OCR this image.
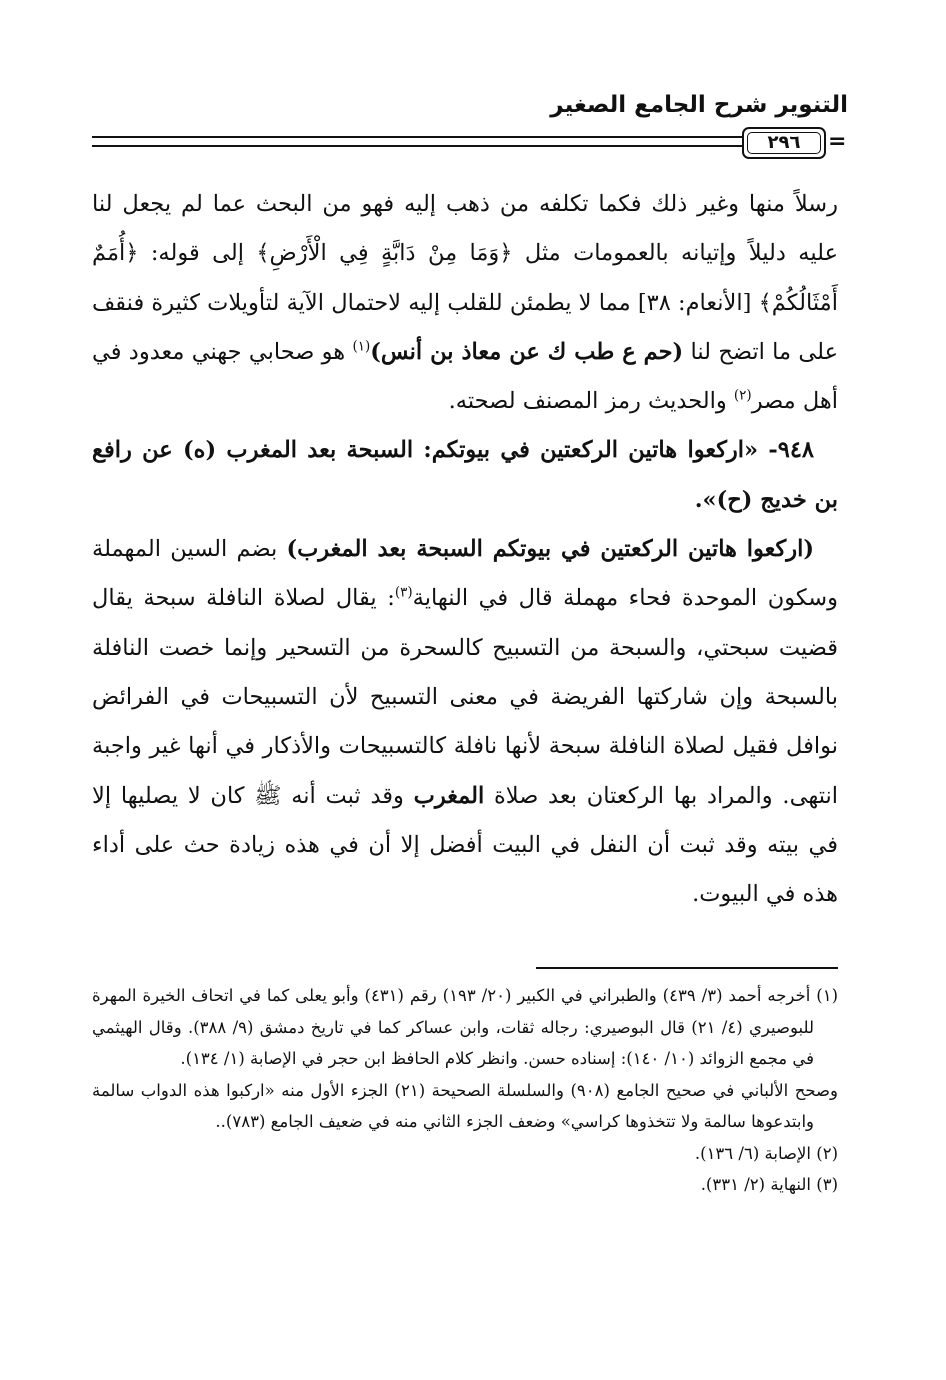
التنوير شرح الجامع الصغير
٢٩٦	=

رسلاً منها وغير ذلك فكما تكلفه من ذهب إليه فهو من البحث عما لم يجعل لنا عليه دليلاً وإتيانه بالعمومات مثل ﴿وَمَا مِنْ دَابَّةٍ فِي الْأَرْضِ﴾ إلى قوله: ﴿أُمَمٌ أَمْثَالُكُمْ﴾ [الأنعام: ٣٨] مما لا يطمئن للقلب إليه لاحتمال الآية لتأويلات كثيرة فنقف على ما اتضح لنا (حم ع طب ك عن معاذ بن أنس)$^{(١)}$ هو صحابي جهني معدود في أهل مصر$^{(٢)}$ والحديث رمز المصنف لصحته.

٩٤٨- «اركعوا هاتين الركعتين في بيوتكم: السبحة بعد المغرب (ه) عن رافع بن خديج (ح)».

(اركعوا هاتين الركعتين في بيوتكم السبحة بعد المغرب) بضم السين المهملة وسكون الموحدة فحاء مهملة قال في النهاية$^{(٣)}$: يقال لصلاة النافلة سبحة يقال قضيت سبحتي، والسبحة من التسبيح كالسحرة من التسحير وإنما خصت النافلة بالسبحة وإن شاركتها الفريضة في معنى التسبيح لأن التسبيحات في الفرائض نوافل فقيل لصلاة النافلة سبحة لأنها نافلة كالتسبيحات والأذكار في أنها غير واجبة انتهى. والمراد بها الركعتان بعد صلاة المغرب وقد ثبت أنه ﷺ كان لا يصليها إلا في بيته وقد ثبت أن النفل في البيت أفضل إلا أن في هذه زيادة حث على أداء هذه في البيوت.

(١) أخرجه أحمد (٣/ ٤٣٩) والطبراني في الكبير (٢٠/ ١٩٣) رقم (٤٣١) وأبو يعلى كما في اتحاف الخيرة المهرة للبوصيري (٤/ ٢١) قال البوصيري: رجاله ثقات، وابن عساكر كما في تاريخ دمشق (٩/ ٣٨٨). وقال الهيثمي في مجمع الزوائد (١٠/ ١٤٠): إسناده حسن. وانظر كلام الحافظ ابن حجر في الإصابة (١/ ١٣٤).

وصحح الألباني في صحيح الجامع (٩٠٨) والسلسلة الصحيحة (٢١) الجزء الأول منه «اركبوا هذه الدواب سالمة وابتدعوها سالمة ولا تتخذوها كراسي» وضعف الجزء الثاني منه في ضعيف الجامع (٧٨٣)..

(٢) الإصابة (٦/ ١٣٦).

(٣) النهاية (٢/ ٣٣١).
